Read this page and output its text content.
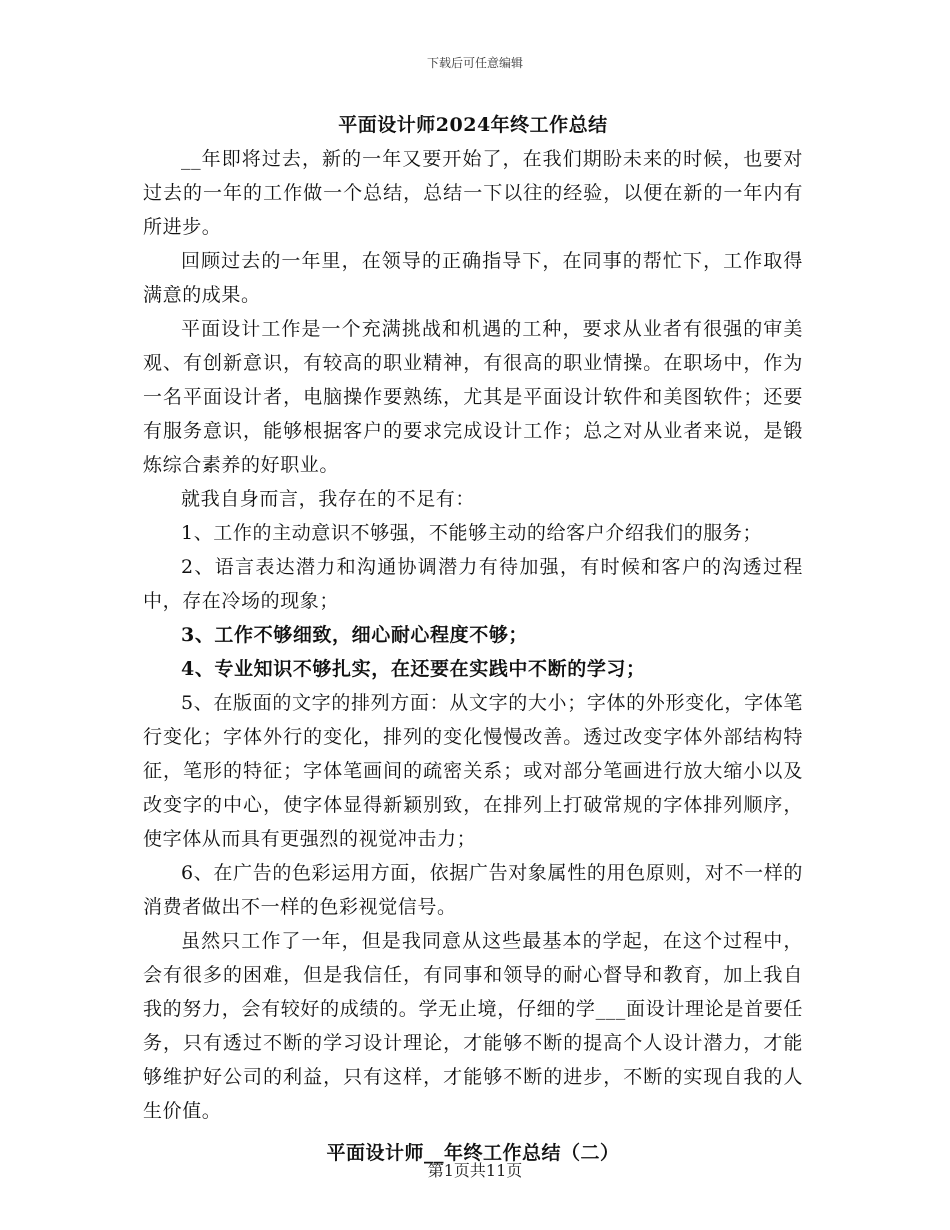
下载后可任意编辑
平面设计师2024年终工作总结

__年即将过去，新的一年又要开始了，在我们期盼未来的时候，也要对过去的一年的工作做一个总结，总结一下以往的经验，以便在新的一年内有所进步。

回顾过去的一年里，在领导的正确指导下，在同事的帮忙下，工作取得满意的成果。

平面设计工作是一个充满挑战和机遇的工种，要求从业者有很强的审美观、有创新意识，有较高的职业精神，有很高的职业情操。在职场中，作为一名平面设计者，电脑操作要熟练，尤其是平面设计软件和美图软件；还要有服务意识，能够根据客户的要求完成设计工作；总之对从业者来说，是锻炼综合素养的好职业。

就我自身而言，我存在的不足有：

1、工作的主动意识不够强，不能够主动的给客户介绍我们的服务；

2、语言表达潜力和沟通协调潜力有待加强，有时候和客户的沟透过程中，存在冷场的现象；

3、工作不够细致，细心耐心程度不够；

4、专业知识不够扎实，在还要在实践中不断的学习；

5、在版面的文字的排列方面：从文字的大小；字体的外形变化，字体笔行变化；字体外行的变化，排列的变化慢慢改善。透过改变字体外部结构特征，笔形的特征；字体笔画间的疏密关系；或对部分笔画进行放大缩小以及改变字的中心，使字体显得新颖别致，在排列上打破常规的字体排列顺序，使字体从而具有更强烈的视觉冲击力；

6、在广告的色彩运用方面，依据广告对象属性的用色原则，对不一样的消费者做出不一样的色彩视觉信号。

虽然只工作了一年，但是我同意从这些最基本的学起，在这个过程中，会有很多的困难，但是我信任，有同事和领导的耐心督导和教育，加上我自我的努力，会有较好的成绩的。学无止境，仔细的学___面设计理论是首要任务，只有透过不断的学习设计理论，才能够不断的提高个人设计潜力，才能够维护好公司的利益，只有这样，才能够不断的进步，不断的实现自我的人生价值。

平面设计师__年终工作总结（二）
第1页共11页
